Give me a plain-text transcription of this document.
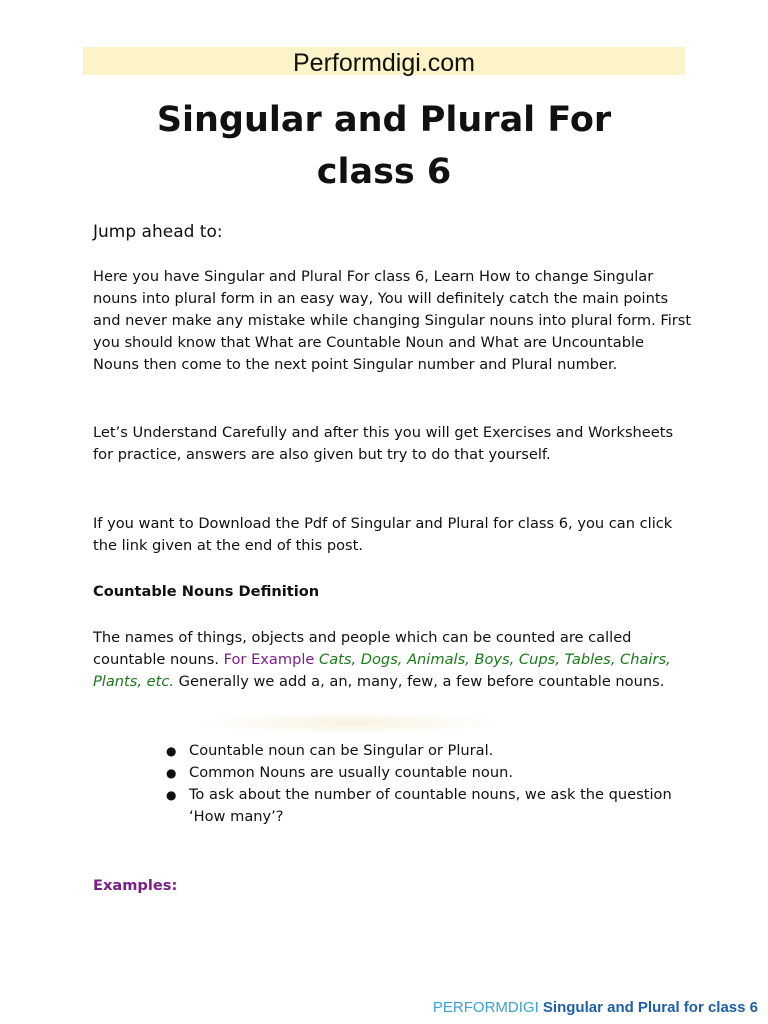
Performdigi.com
Singular and Plural For
class 6

Jump ahead to:

Here you have Singular and Plural For class 6, Learn How to change Singular nouns into plural form in an easy way, You will definitely catch the main points and never make any mistake while changing Singular nouns into plural form. First you should know that What are Countable Noun and What are Uncountable Nouns then come to the next point Singular number and Plural number.

Let’s Understand Carefully and after this you will get Exercises and Worksheets for practice, answers are also given but try to do that yourself.

If you want to Download the Pdf of Singular and Plural for class 6, you can click the link given at the end of this post.

Countable Nouns Definition

The names of things, objects and people which can be counted are called countable nouns. For Example Cats, Dogs, Animals, Boys, Cups, Tables, Chairs, Plants, etc. Generally we add a, an, many, few, a few before countable nouns.

● Countable noun can be Singular or Plural.
● Common Nouns are usually countable noun.
● To ask about the number of countable nouns, we ask the question ‘How many’?

Examples:

PERFORMDIGI Singular and Plural for class 6
